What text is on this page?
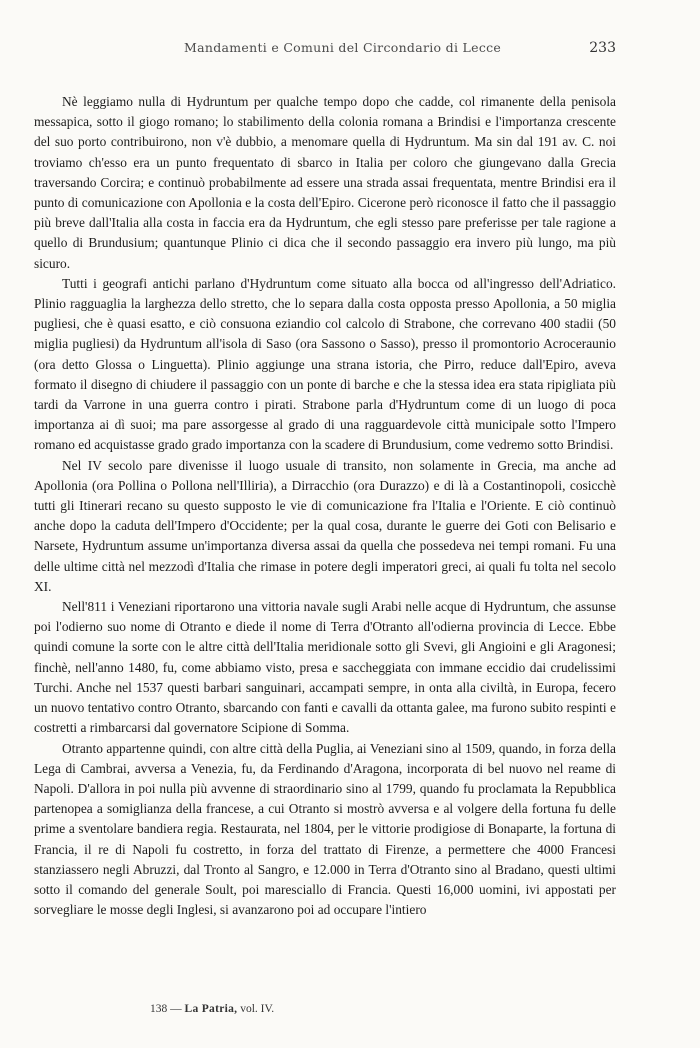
Mandamenti e Comuni del Circondario di Lecce	233

Nè leggiamo nulla di Hydruntum per qualche tempo dopo che cadde, col rimanente della penisola messapica, sotto il giogo romano; lo stabilimento della colonia romana a Brindisi e l'importanza crescente del suo porto contribuirono, non v'è dubbio, a menomare quella di Hydruntum. Ma sin dal 191 av. C. noi troviamo ch'esso era un punto frequentato di sbarco in Italia per coloro che giungevano dalla Grecia traversando Corcira; e continuò probabilmente ad essere una strada assai frequentata, mentre Brindisi era il punto di comunicazione con Apollonia e la costa dell'Epiro. Cicerone però riconosce il fatto che il passaggio più breve dall'Italia alla costa in faccia era da Hydruntum, che egli stesso pare preferisse per tale ragione a quello di Brundusium; quantunque Plinio ci dica che il secondo passaggio era invero più lungo, ma più sicuro.

Tutti i geografi antichi parlano d'Hydruntum come situato alla bocca od all'ingresso dell'Adriatico. Plinio ragguaglia la larghezza dello stretto, che lo separa dalla costa opposta presso Apollonia, a 50 miglia pugliesi, che è quasi esatto, e ciò consuona eziandio col calcolo di Strabone, che correvano 400 stadii (50 miglia pugliesi) da Hydruntum all'isola di Saso (ora Sassono o Sasso), presso il promontorio Acroceraunio (ora detto Glossa o Linguetta). Plinio aggiunge una strana istoria, che Pirro, reduce dall'Epiro, aveva formato il disegno di chiudere il passaggio con un ponte di barche e che la stessa idea era stata ripigliata più tardi da Varrone in una guerra contro i pirati. Strabone parla d'Hydruntum come di un luogo di poca importanza ai dì suoi; ma pare assorgesse al grado di una ragguardevole città municipale sotto l'Impero romano ed acquistasse grado grado importanza con la scadere di Brundusium, come vedremo sotto Brindisi.

Nel IV secolo pare divenisse il luogo usuale di transito, non solamente in Grecia, ma anche ad Apollonia (ora Pollina o Pollona nell'Illiria), a Dirracchio (ora Durazzo) e di là a Costantinopoli, cosicchè tutti gli Itinerari recano su questo supposto le vie di comunicazione fra l'Italia e l'Oriente. E ciò continuò anche dopo la caduta dell'Impero d'Occidente; per la qual cosa, durante le guerre dei Goti con Belisario e Narsete, Hydruntum assume un'importanza diversa assai da quella che possedeva nei tempi romani. Fu una delle ultime città nel mezzodì d'Italia che rimase in potere degli imperatori greci, ai quali fu tolta nel secolo XI.

Nell'811 i Veneziani riportarono una vittoria navale sugli Arabi nelle acque di Hydruntum, che assunse poi l'odierno suo nome di Otranto e diede il nome di Terra d'Otranto all'odierna provincia di Lecce. Ebbe quindi comune la sorte con le altre città dell'Italia meridionale sotto gli Svevi, gli Angioini e gli Aragonesi; finchè, nell'anno 1480, fu, come abbiamo visto, presa e saccheggiata con immane eccidio dai crudelissimi Turchi. Anche nel 1537 questi barbari sanguinari, accampati sempre, in onta alla civiltà, in Europa, fecero un nuovo tentativo contro Otranto, sbarcando con fanti e cavalli da ottanta galee, ma furono subito respinti e costretti a rimbarcarsi dal governatore Scipione di Somma.

Otranto appartenne quindi, con altre città della Puglia, ai Veneziani sino al 1509, quando, in forza della Lega di Cambrai, avversa a Venezia, fu, da Ferdinando d'Aragona, incorporata di bel nuovo nel reame di Napoli. D'allora in poi nulla più avvenne di straordinario sino al 1799, quando fu proclamata la Repubblica partenopea a somiglianza della francese, a cui Otranto si mostrò avversa e al volgere della fortuna fu delle prime a sventolare bandiera regia. Restaurata, nel 1804, per le vittorie prodigiose di Bonaparte, la fortuna di Francia, il re di Napoli fu costretto, in forza del trattato di Firenze, a permettere che 4000 Francesi stanziassero negli Abruzzi, dal Tronto al Sangro, e 12.000 in Terra d'Otranto sino al Bradano, questi ultimi sotto il comando del generale Soult, poi maresciallo di Francia. Questi 16,000 uomini, ivi appostati per sorvegliare le mosse degli Inglesi, si avanzarono poi ad occupare l'intiero

138 — La Patria, vol. IV.
